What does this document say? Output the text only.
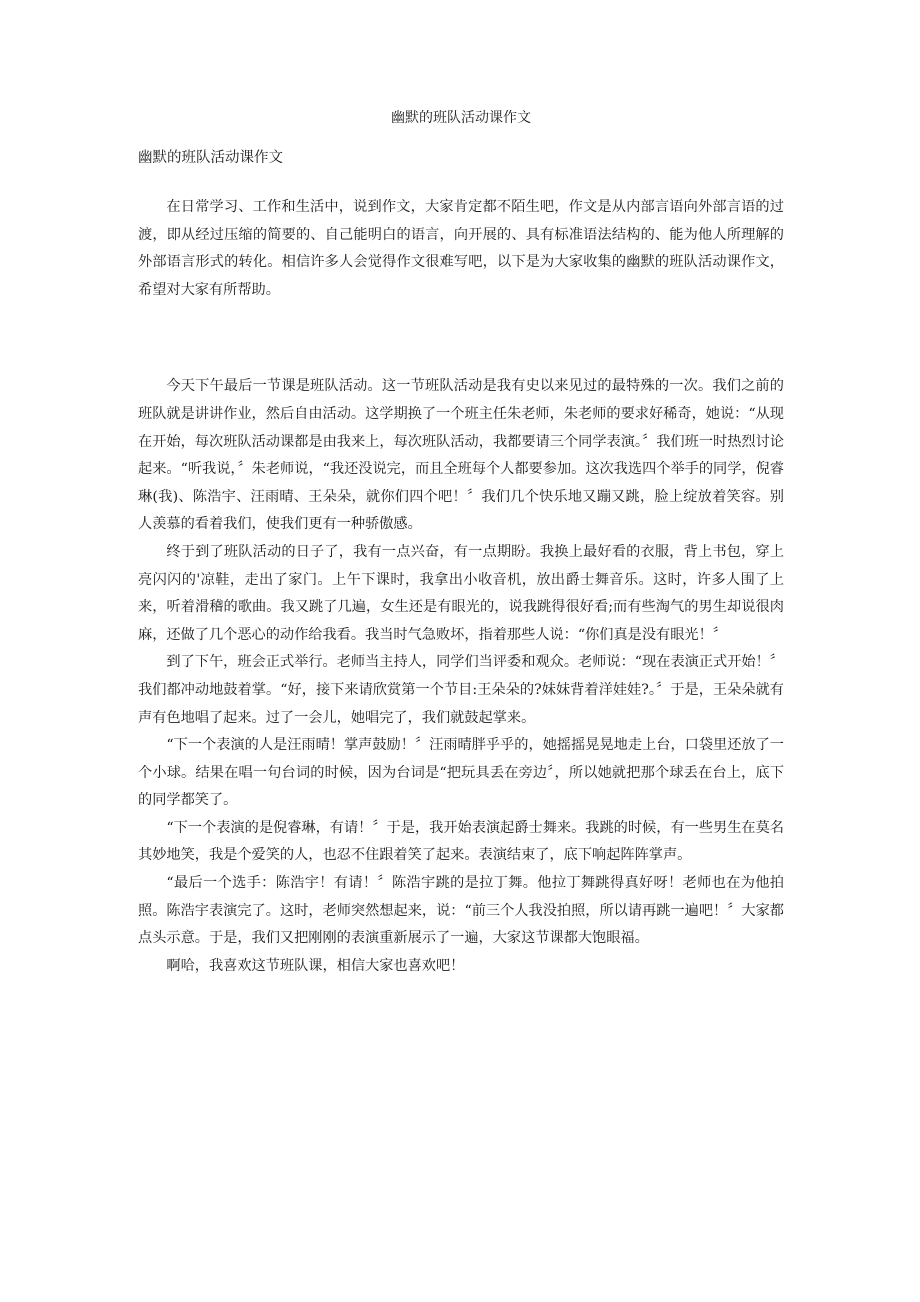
幽默的班队活动课作文
幽默的班队活动课作文

在日常学习、工作和生活中，说到作文，大家肯定都不陌生吧，作文是从内部言语向外部言语的过渡，即从经过压缩的简要的、自己能明白的语言，向开展的、具有标准语法结构的、能为他人所理解的外部语言形式的转化。相信许多人会觉得作文很难写吧，以下是为大家收集的幽默的班队活动课作文，希望对大家有所帮助。

今天下午最后一节课是班队活动。这一节班队活动是我有史以来见过的最特殊的一次。我们之前的班队就是讲讲作业，然后自由活动。这学期换了一个班主任朱老师，朱老师的要求好稀奇，她说：“从现在开始，每次班队活动课都是由我来上，每次班队活动，我都要请三个同学表演。〞我们班一时热烈讨论起来。“听我说，〞朱老师说，“我还没说完，而且全班每个人都要参加。这次我选四个举手的同学，倪睿琳(我)、陈浩宇、汪雨晴、王朵朵，就你们四个吧！〞我们几个快乐地又蹦又跳，脸上绽放着笑容。别人羡慕的看着我们，使我们更有一种骄傲感。

终于到了班队活动的日子了，我有一点兴奋，有一点期盼。我换上最好看的衣服，背上书包，穿上亮闪闪的'凉鞋，走出了家门。上午下课时，我拿出小收音机，放出爵士舞音乐。这时，许多人围了上来，听着滑稽的歌曲。我又跳了几遍，女生还是有眼光的，说我跳得很好看;而有些淘气的男生却说很肉麻，还做了几个恶心的动作给我看。我当时气急败坏，指着那些人说：“你们真是没有眼光！〞

到了下午，班会正式举行。老师当主持人，同学们当评委和观众。老师说：“现在表演正式开始！〞我们都冲动地鼓着掌。“好，接下来请欣赏第一个节目:王朵朵的?妹妹背着洋娃娃?。〞于是，王朵朵就有声有色地唱了起来。过了一会儿，她唱完了，我们就鼓起掌来。

“下一个表演的人是汪雨晴！掌声鼓励！〞汪雨晴胖乎乎的，她摇摇晃晃地走上台，口袋里还放了一个小球。结果在唱一句台词的时候，因为台词是“把玩具丢在旁边〞，所以她就把那个球丢在台上，底下的同学都笑了。

“下一个表演的是倪睿琳，有请！〞于是，我开始表演起爵士舞来。我跳的时候，有一些男生在莫名其妙地笑，我是个爱笑的人，也忍不住跟着笑了起来。表演结束了，底下响起阵阵掌声。

“最后一个选手：陈浩宇！有请！〞陈浩宇跳的是拉丁舞。他拉丁舞跳得真好呀！老师也在为他拍照。陈浩宇表演完了。这时，老师突然想起来，说：“前三个人我没拍照，所以请再跳一遍吧！〞大家都点头示意。于是，我们又把刚刚的表演重新展示了一遍，大家这节课都大饱眼福。

啊哈，我喜欢这节班队课，相信大家也喜欢吧！
